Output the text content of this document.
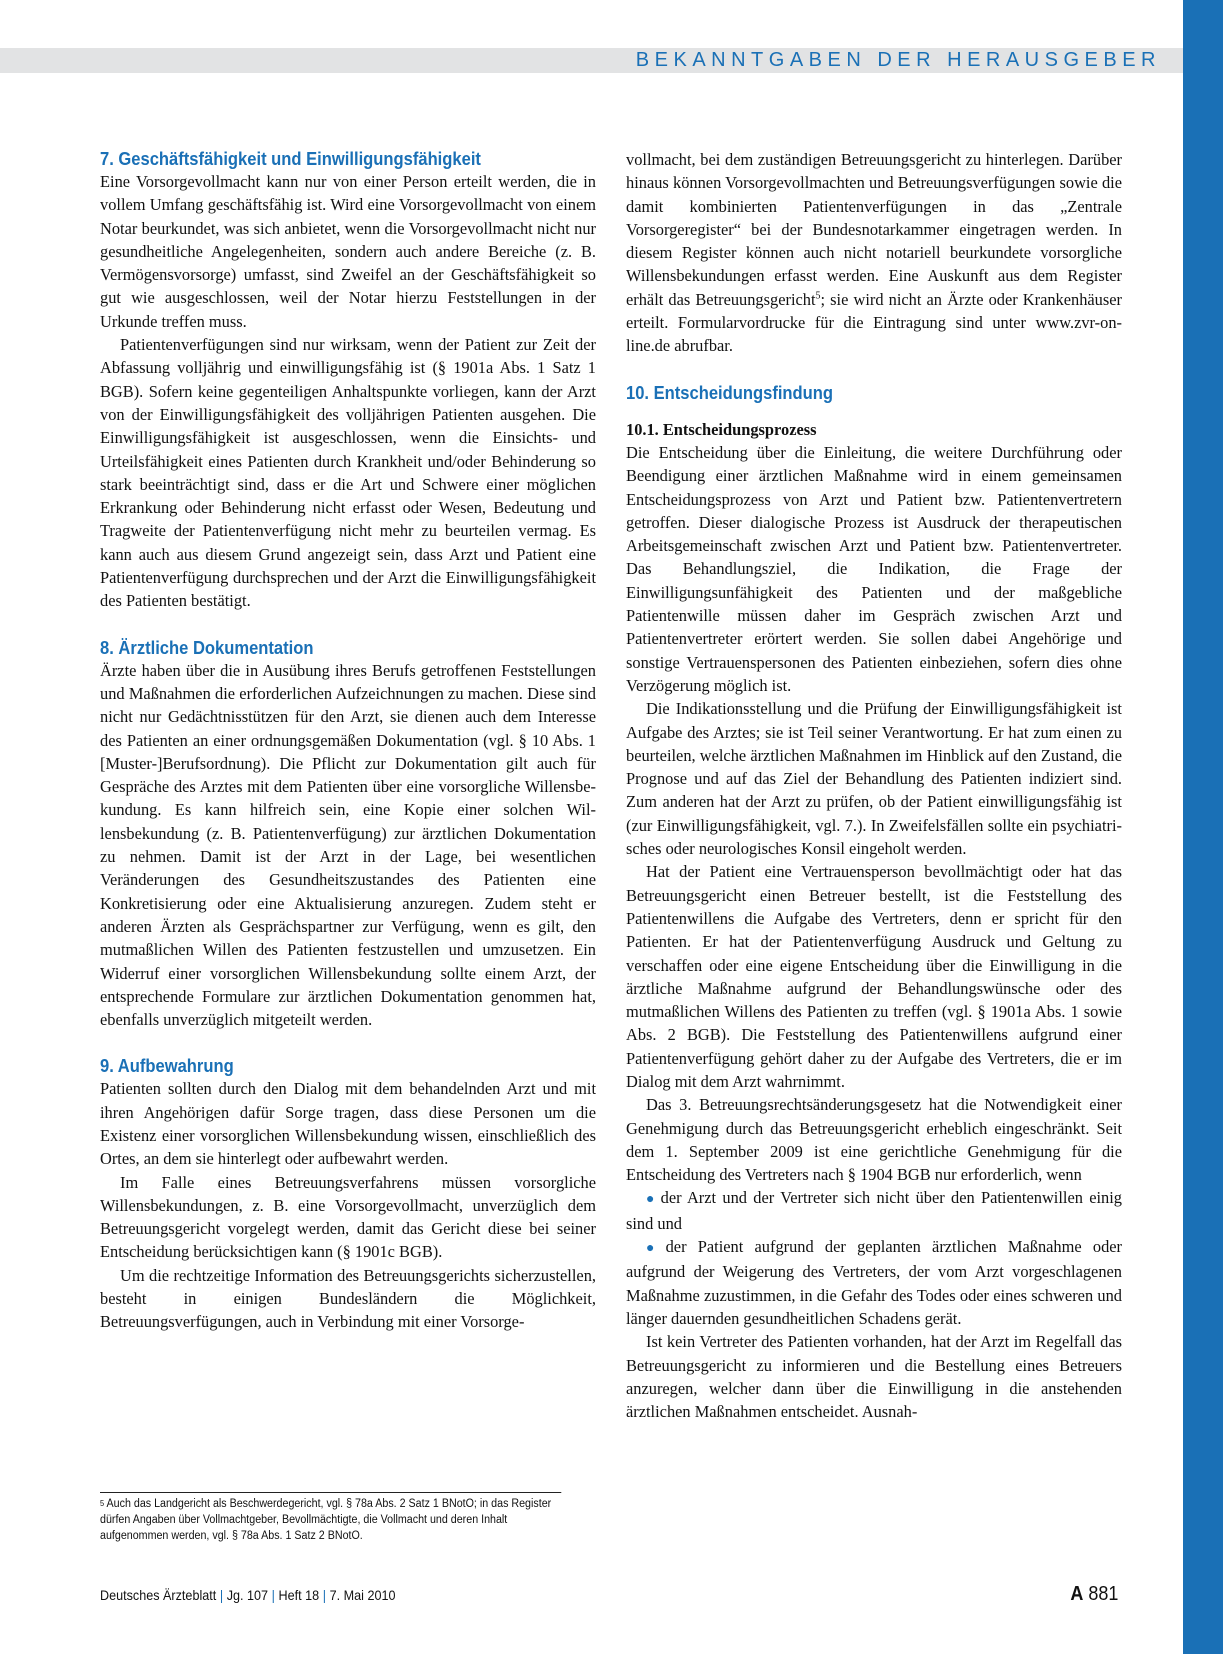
BEKANNTGABEN DER HERAUSGEBER
7. Geschäftsfähigkeit und Einwilligungsfähigkeit

Eine Vorsorgevollmacht kann nur von einer Person erteilt werden, die in vollem Umfang geschäftsfähig ist. Wird eine Vorsorgevollmacht von einem Notar beurkundet, was sich anbietet, wenn die Vorsorgevollmacht nicht nur gesundheitliche Angelegenheiten, sondern auch andere Bereiche (z. B. Vermögensvorsorge) umfasst, sind Zweifel an der Geschäftsfähigkeit so gut wie ausgeschlossen, weil der Notar hierzu Feststellungen in der Urkunde treffen muss.

Patientenverfügungen sind nur wirksam, wenn der Patient zur Zeit der Abfassung volljährig und einwilligungsfähig ist (§ 1901a Abs. 1 Satz 1 BGB). Sofern keine gegenteiligen Anhaltspunkte vorliegen, kann der Arzt von der Einwilligungsfähigkeit des volljährigen Patienten ausgehen. Die Einwilligungsfähigkeit ist ausgeschlossen, wenn die Einsichts- und Urteilsfähigkeit eines Patienten durch Krankheit und/oder Behinderung so stark beeinträchtigt sind, dass er die Art und Schwere einer möglichen Erkrankung oder Behinderung nicht erfasst oder Wesen, Bedeutung und Tragweite der Patientenverfügung nicht mehr zu beurteilen vermag. Es kann auch aus diesem Grund angezeigt sein, dass Arzt und Patient eine Patientenverfügung durchsprechen und der Arzt die Einwilligungsfähigkeit des Patienten bestätigt.

8. Ärztliche Dokumentation

Ärzte haben über die in Ausübung ihres Berufs getroffenen Feststellungen und Maßnahmen die erforderlichen Aufzeichnungen zu machen. Diese sind nicht nur Gedächtnisstützen für den Arzt, sie dienen auch dem Interesse des Patienten an einer ordnungsgemäßen Dokumentation (vgl. § 10 Abs. 1 [Muster-]Berufsordnung). Die Pflicht zur Dokumentation gilt auch für Gespräche des Arztes mit dem Patienten über eine vorsorgliche Willensbekundung. Es kann hilfreich sein, eine Kopie einer solchen Willensbekundung (z. B. Patientenverfügung) zur ärztlichen Dokumentation zu nehmen. Damit ist der Arzt in der Lage, bei wesentlichen Veränderungen des Gesundheitszustandes des Patienten eine Konkretisierung oder eine Aktualisierung anzuregen. Zudem steht er anderen Ärzten als Gesprächspartner zur Verfügung, wenn es gilt, den mutmaßlichen Willen des Patienten festzustellen und umzusetzen. Ein Widerruf einer vorsorglichen Willensbekundung sollte einem Arzt, der entsprechende Formulare zur ärztlichen Dokumentation genommen hat, ebenfalls unverzüglich mitgeteilt werden.

9. Aufbewahrung

Patienten sollten durch den Dialog mit dem behandelnden Arzt und mit ihren Angehörigen dafür Sorge tragen, dass diese Personen um die Existenz einer vorsorglichen Willensbekundung wissen, einschließlich des Ortes, an dem sie hinterlegt oder aufbewahrt werden.

Im Falle eines Betreuungsverfahrens müssen vorsorgliche Willensbekundungen, z. B. eine Vorsorgevollmacht, unverzüglich dem Betreuungsgericht vorgelegt werden, damit das Gericht diese bei seiner Entscheidung berücksichtigen kann (§ 1901c BGB).

Um die rechtzeitige Information des Betreuungsgerichts sicherzustellen, besteht in einigen Bundesländern die Möglichkeit, Betreuungsverfügungen, auch in Verbindung mit einer Vorsorge-

vollmacht, bei dem zuständigen Betreuungsgericht zu hinterlegen. Darüber hinaus können Vorsorgevollmachten und Betreuungsverfügungen sowie die damit kombinierten Patientenverfügungen in das „Zentrale Vorsorgeregister“ bei der Bundesnotarkammer eingetragen werden. In diesem Register können auch nicht notariell beurkundete vorsorgliche Willensbekundungen erfasst werden. Eine Auskunft aus dem Register erhält das Betreuungsgericht$^5$; sie wird nicht an Ärzte oder Krankenhäuser erteilt. Formularvordrucke für die Eintragung sind unter www.zvr-online.de abrufbar.

10. Entscheidungsfindung
10.1. Entscheidungsprozess

Die Entscheidung über die Einleitung, die weitere Durchführung oder Beendigung einer ärztlichen Maßnahme wird in einem gemeinsamen Entscheidungsprozess von Arzt und Patient bzw. Patientenvertretern getroffen. Dieser dialogische Prozess ist Ausdruck der therapeutischen Arbeitsgemeinschaft zwischen Arzt und Patient bzw. Patientenvertreter. Das Behandlungsziel, die Indikation, die Frage der Einwilligungsunfähigkeit des Patienten und der maßgebliche Patientenwille müssen daher im Gespräch zwischen Arzt und Patientenvertreter erörtert werden. Sie sollen dabei Angehörige und sonstige Vertrauenspersonen des Patienten einbeziehen, sofern dies ohne Verzögerung möglich ist.

Die Indikationsstellung und die Prüfung der Einwilligungsfähigkeit ist Aufgabe des Arztes; sie ist Teil seiner Verantwortung. Er hat zum einen zu beurteilen, welche ärztlichen Maßnahmen im Hinblick auf den Zustand, die Prognose und auf das Ziel der Behandlung des Patienten indiziert sind. Zum anderen hat der Arzt zu prüfen, ob der Patient einwilligungsfähig ist (zur Einwilligungsfähigkeit, vgl. 7.). In Zweifelsfällen sollte ein psychiatrisches oder neurologisches Konsil eingeholt werden.

Hat der Patient eine Vertrauensperson bevollmächtigt oder hat das Betreuungsgericht einen Betreuer bestellt, ist die Feststellung des Patientenwillens die Aufgabe des Vertreters, denn er spricht für den Patienten. Er hat der Patientenverfügung Ausdruck und Geltung zu verschaffen oder eine eigene Entscheidung über die Einwilligung in die ärztliche Maßnahme aufgrund der Behandlungswünsche oder des mutmaßlichen Willens des Patienten zu treffen (vgl. § 1901a Abs. 1 sowie Abs. 2 BGB). Die Feststellung des Patientenwillens aufgrund einer Patientenverfügung gehört daher zu der Aufgabe des Vertreters, die er im Dialog mit dem Arzt wahrnimmt.

Das 3. Betreuungsrechtsänderungsgesetz hat die Notwendigkeit einer Genehmigung durch das Betreuungsgericht erheblich eingeschränkt. Seit dem 1. September 2009 ist eine gerichtliche Genehmigung für die Entscheidung des Vertreters nach § 1904 BGB nur erforderlich, wenn

● der Arzt und der Vertreter sich nicht über den Patientenwillen einig sind und

● der Patient aufgrund der geplanten ärztlichen Maßnahme oder aufgrund der Weigerung des Vertreters, der vom Arzt vorgeschlagenen Maßnahme zuzustimmen, in die Gefahr des Todes oder eines schweren und länger dauernden gesundheitlichen Schadens gerät.

Ist kein Vertreter des Patienten vorhanden, hat der Arzt im Regelfall das Betreuungsgericht zu informieren und die Bestellung eines Betreuers anzuregen, welcher dann über die Einwilligung in die anstehenden ärztlichen Maßnahmen entscheidet. Ausnah-

$^5$ Auch das Landgericht als Beschwerdegericht, vgl. § 78a Abs. 2 Satz 1 BNotO; in das Register dürfen Angaben über Vollmachtgeber, Bevollmächtigte, die Vollmacht und deren Inhalt aufgenommen werden, vgl. § 78a Abs. 1 Satz 2 BNotO.
Deutsches Ärzteblatt | Jg. 107 | Heft 18 | 7. Mai 2010	A 881
